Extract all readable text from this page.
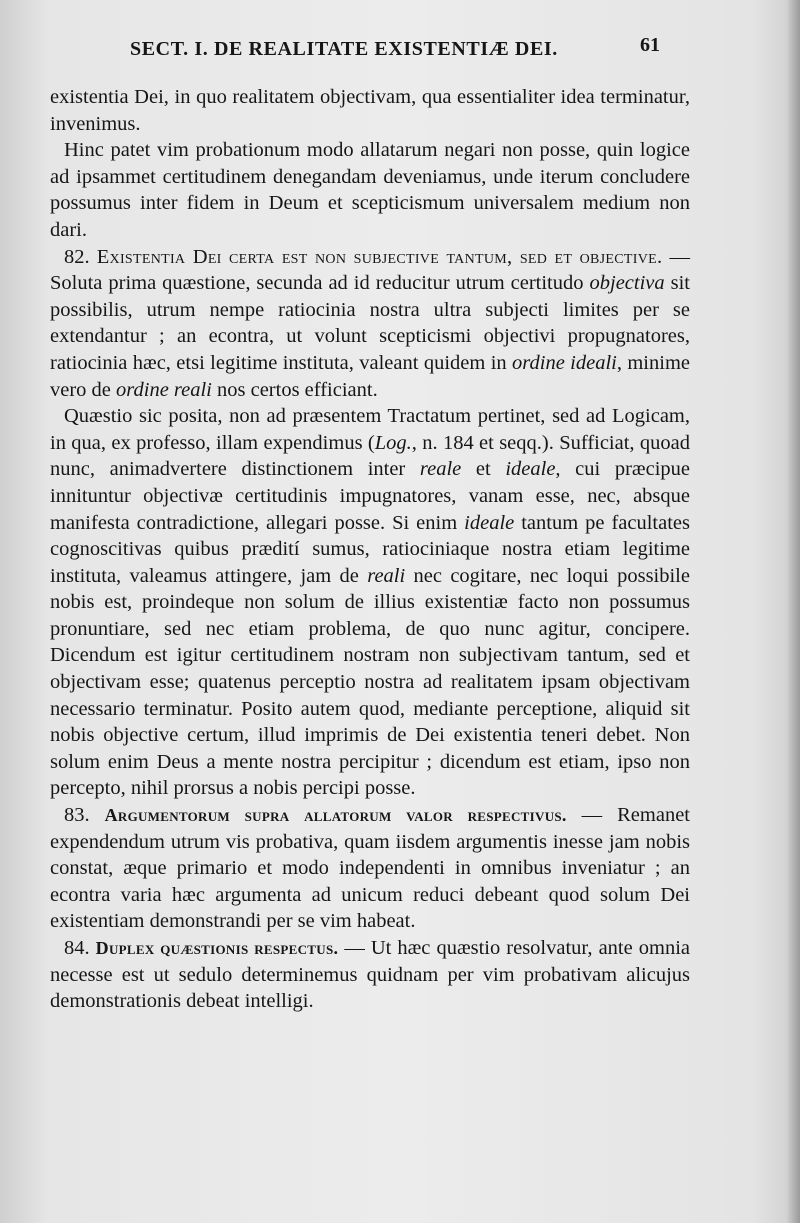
SECT. I. DE REALITATE EXISTENTIÆ DEI.	61

existentia Dei, in quo realitatem objectivam, qua essentialiter idea terminatur, invenimus.

Hinc patet vim probationum modo allatarum negari non posse, quin logice ad ipsammet certitudinem denegandam deveniamus, unde iterum concludere possumus inter fidem in Deum et scepticismum universalem medium non dari.

82. Existentia Dei certa est non subjective tantum, sed et objective. — Soluta prima quæstione, secunda ad id reducitur utrum certitudo objectiva sit possibilis, utrum nempe ratiocinia nostra ultra subjecti limites per se extendantur ; an econtra, ut volunt scepticismi objectivi propugnatores, ratiocinia hæc, etsi legitime instituta, valeant quidem in ordine ideali, minime vero de ordine reali nos certos efficiant.

Quæstio sic posita, non ad præsentem Tractatum pertinet, sed ad Logicam, in qua, ex professo, illam expendimus (Log., n. 184 et seqq.). Sufficiat, quoad nunc, animadvertere distinctionem inter reale et ideale, cui præcipue innituntur objectivæ certitudinis impugnatores, vanam esse, nec, absque manifesta contradictione, allegari posse. Si enim ideale tantum pe facultates cognoscitivas quibus prædití sumus, ratiociniaque nostra etiam legitime instituta, valeamus attingere, jam de reali nec cogitare, nec loqui possibile nobis est, proindeque non solum de illius existentiæ facto non possumus pronuntiare, sed nec etiam problema, de quo nunc agitur, concipere. Dicendum est igitur certitudinem nostram non subjectivam tantum, sed et objectivam esse; quatenus perceptio nostra ad realitatem ipsam objectivam necessario terminatur. Posito autem quod, mediante perceptione, aliquid sit nobis objective certum, illud imprimis de Dei existentia teneri debet. Non solum enim Deus a mente nostra percipitur ; dicendum est etiam, ipso non percepto, nihil prorsus a nobis percipi posse.

83. Argumentorum supra allatorum valor respectivus. — Remanet expendendum utrum vis probativa, quam iisdem argumentis inesse jam nobis constat, æque primario et modo independenti in omnibus inveniatur ; an econtra varia hæc argumenta ad unicum reduci debeant quod solum Dei existentiam demonstrandi per se vim habeat.

84. Duplex quæstionis respectus. — Ut hæc quæstio resolvatur, ante omnia necesse est ut sedulo determinemus quidnam per vim probativam alicujus demonstrationis debeat intelligi.
